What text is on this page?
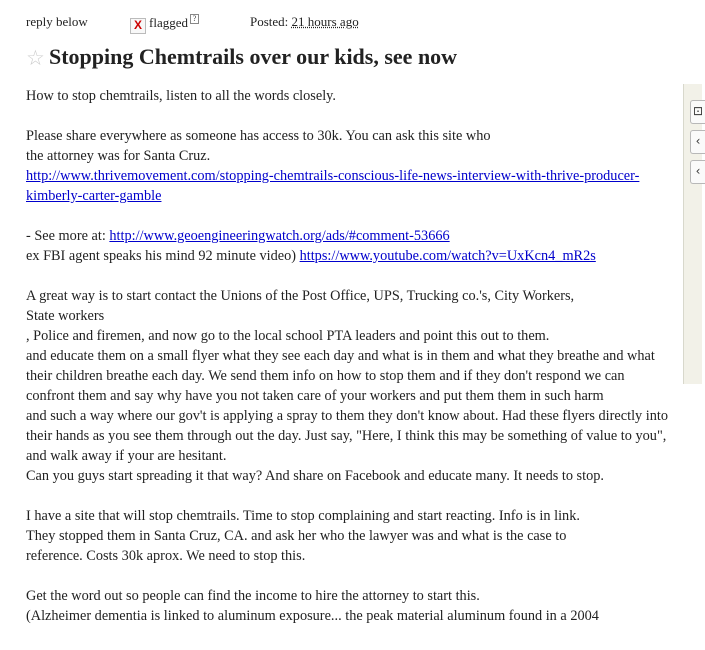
reply below	X flagged ?	Posted: 21 hours ago
☆ Stopping Chemtrails over our kids, see now
How to stop chemtrails, listen to all the words closely.

Please share everywhere as someone has access to 30k. You can ask this site who
the attorney was for Santa Cruz.
http://www.thrivemovement.com/stopping-chemtrails-conscious-life-news-interview-with-thrive-producer-kimberly-carter-gamble

- See more at: http://www.geoengineeringwatch.org/ads/#comment-53666
ex FBI agent speaks his mind 92 minute video) https://www.youtube.com/watch?v=UxKcn4_mR2s

A great way is to start contact the Unions of the Post Office, UPS, Trucking co.'s, City Workers,
State workers
, Police and firemen, and now go to the local school PTA leaders and point this out to them.
and educate them on a small flyer what they see each day and what is in them and what they breathe and what their children breathe each day. We send them info on how to stop them and if they don't respond we can confront them and say why have you not taken care of your workers and put them them in such harm
and such a way where our gov't is applying a spray to them they don't know about. Had these flyers directly into their hands as you see them through out the day. Just say, "Here, I think this may be something of value to you", and walk away if your are hesitant.
Can you guys start spreading it that way? And share on Facebook and educate many. It needs to stop.

I have a site that will stop chemtrails. Time to stop complaining and start reacting. Info is in link.
They stopped them in Santa Cruz, CA. and ask her who the lawyer was and what is the case to
reference. Costs 30k aprox. We need to stop this.

Get the word out so people can find the income to hire the attorney to start this.
(Alzheimer dementia is linked to aluminum exposure... the peak material aluminum found in a 2004
⊡
‹
‹
